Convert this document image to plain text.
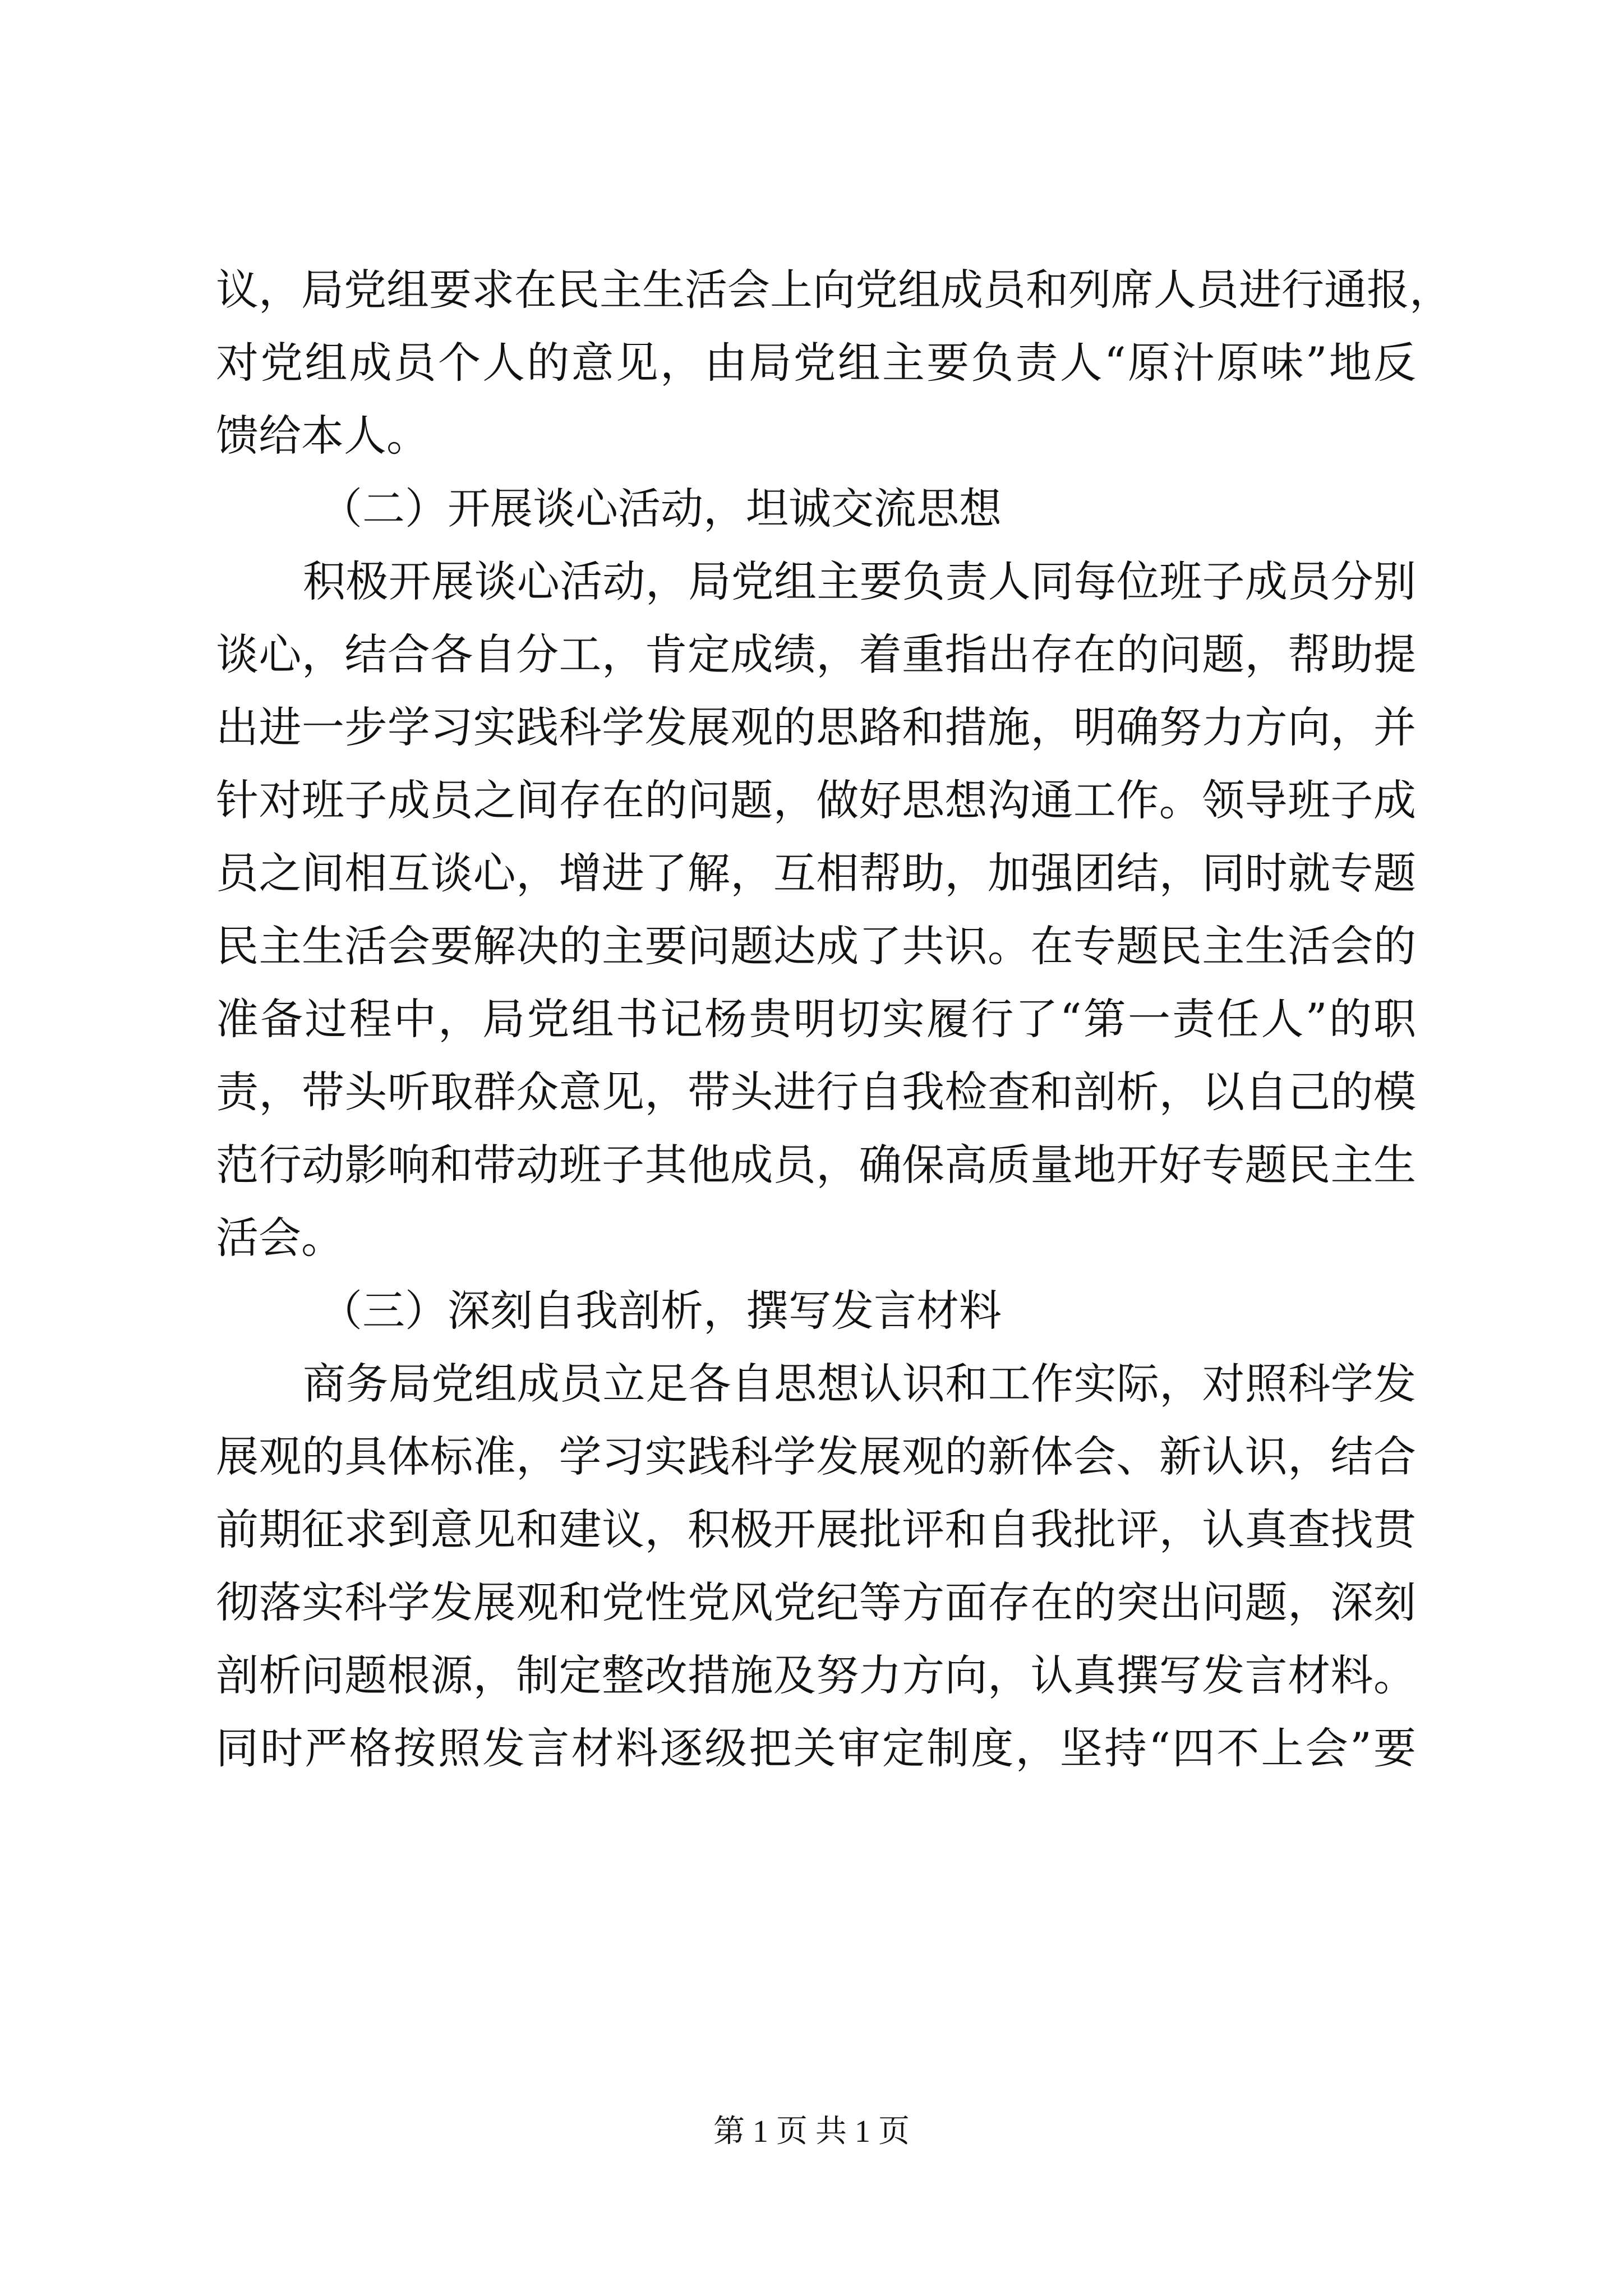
议，局党组要求在民主生活会上向党组成员和列席人员进行通报，
对党组成员个人的意见，由局党组主要负责人“原汁原味”地反
馈给本人。
（二）开展谈心活动，坦诚交流思想
积极开展谈心活动，局党组主要负责人同每位班子成员分别
谈心，结合各自分工，肯定成绩，着重指出存在的问题，帮助提
出进一步学习实践科学发展观的思路和措施，明确努力方向，并
针对班子成员之间存在的问题，做好思想沟通工作。领导班子成
员之间相互谈心，增进了解，互相帮助，加强团结，同时就专题
民主生活会要解决的主要问题达成了共识。在专题民主生活会的
准备过程中，局党组书记杨贵明切实履行了“第一责任人”的职
责，带头听取群众意见，带头进行自我检查和剖析，以自己的模
范行动影响和带动班子其他成员，确保高质量地开好专题民主生
活会。
（三）深刻自我剖析，撰写发言材料
商务局党组成员立足各自思想认识和工作实际，对照科学发
展观的具体标准，学习实践科学发展观的新体会、新认识，结合
前期征求到意见和建议，积极开展批评和自我批评，认真查找贯
彻落实科学发展观和党性党风党纪等方面存在的突出问题，深刻
剖析问题根源，制定整改措施及努力方向，认真撰写发言材料。
同时严格按照发言材料逐级把关审定制度，坚持“四不上会”要
第 1 页 共 1 页
